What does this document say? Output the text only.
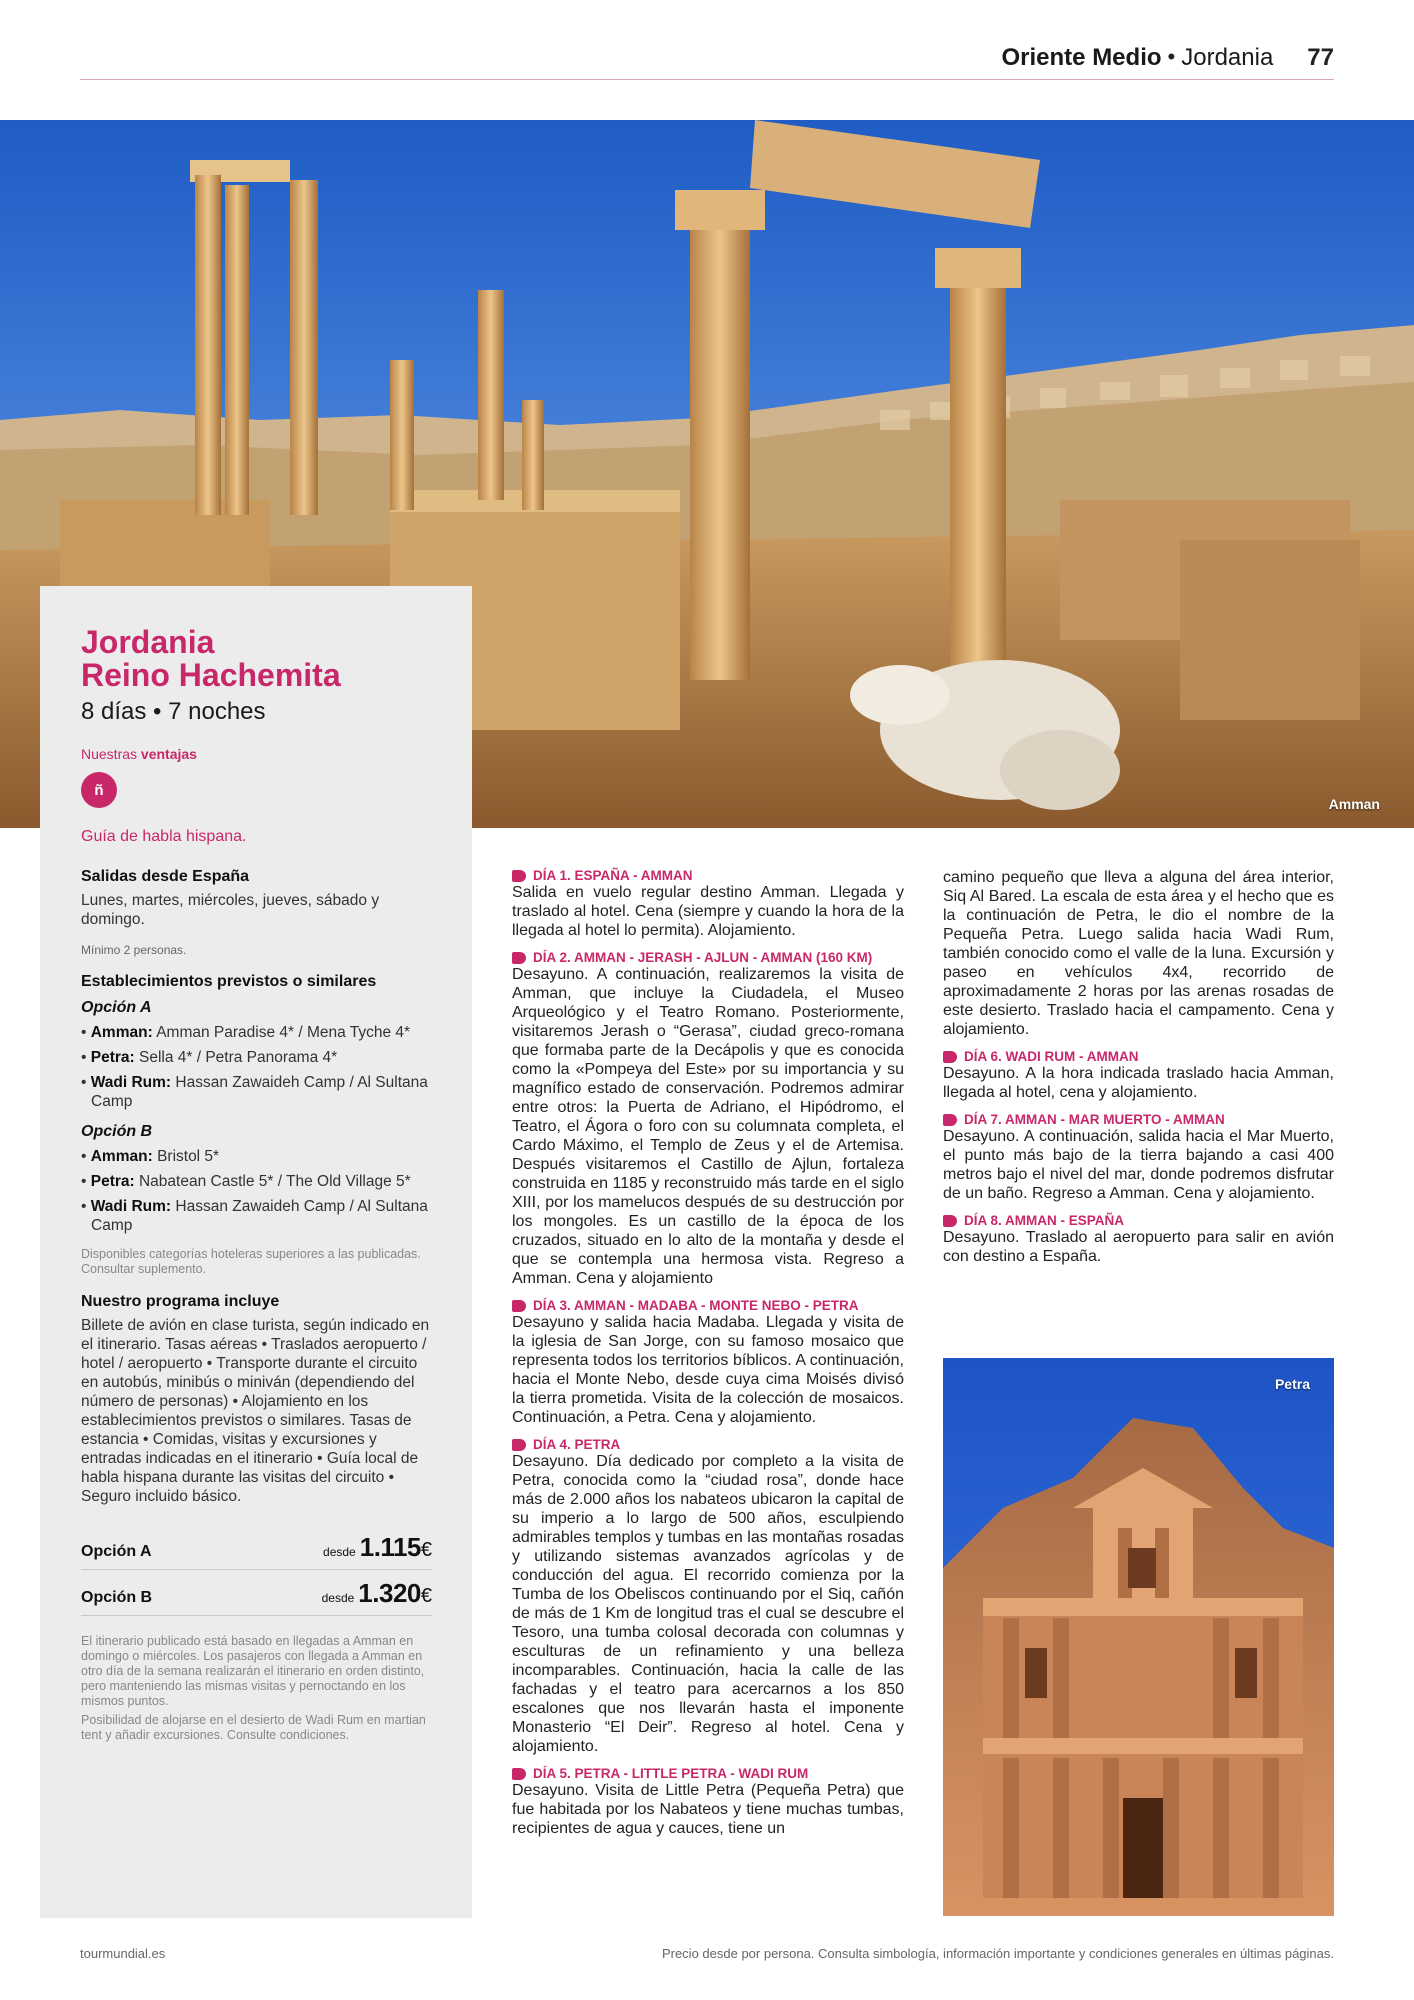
Oriente Medio • Jordania 77
Amman
Jordania
Reino Hachemita
8 días • 7 noches
Nuestras ventajas
ñ
Guía de habla hispana.
Salidas desde España
Lunes, martes, miércoles, jueves, sábado y domingo.
Mínimo 2 personas.
Establecimientos previstos o similares
Opción A
• Amman: Amman Paradise 4* / Mena Tyche 4*
• Petra: Sella 4* / Petra Panorama 4*
• Wadi Rum: Hassan Zawaideh Camp / Al Sultana Camp
Opción B
• Amman: Bristol 5*
• Petra: Nabatean Castle 5* / The Old Village 5*
• Wadi Rum: Hassan Zawaideh Camp / Al Sultana Camp
Disponibles categorías hoteleras superiores a las publicadas. Consultar suplemento.
Nuestro programa incluye
Billete de avión en clase turista, según indicado en el itinerario. Tasas aéreas • Traslados aeropuerto / hotel / aeropuerto • Transporte durante el circuito en autobús, minibús o miniván (dependiendo del número de personas) • Alojamiento en los establecimientos previstos o similares. Tasas de estancia • Comidas, visitas y excursiones y entradas indicadas en el itinerario • Guía local de habla hispana durante las visitas del circuito • Seguro incluido básico.
Opción A	desde 1.115 €
Opción B	desde 1.320 €
El itinerario publicado está basado en llegadas a Amman en domingo o miércoles. Los pasajeros con llegada a Amman en otro día de la semana realizarán el itinerario en orden distinto, pero manteniendo las mismas visitas y pernoctando en los mismos puntos.
Posibilidad de alojarse en el desierto de Wadi Rum en martian tent y añadir excursiones. Consulte condiciones.
DÍA 1. ESPAÑA - AMMAN
Salida en vuelo regular destino Amman. Llegada y traslado al hotel. Cena (siempre y cuando la hora de la llegada al hotel lo permita). Alojamiento.
DÍA 2. AMMAN - JERASH - AJLUN - AMMAN (160 KM)
Desayuno. A continuación, realizaremos la visita de Amman, que incluye la Ciudadela, el Museo Arqueológico y el Teatro Romano. Posteriormente, visitaremos Jerash o “Gerasa”, ciudad greco-romana que formaba parte de la Decápolis y que es conocida como la «Pompeya del Este» por su importancia y su magnífico estado de conservación. Podremos admirar entre otros: la Puerta de Adriano, el Hipódromo, el Teatro, el Ágora o foro con su columnata completa, el Cardo Máximo, el Templo de Zeus y el de Artemisa. Después visitaremos el Castillo de Ajlun, fortaleza construida en 1185 y reconstruido más tarde en el siglo XIII, por los mamelucos después de su destrucción por los mongoles. Es un castillo de la época de los cruzados, situado en lo alto de la montaña y desde el que se contempla una hermosa vista. Regreso a Amman. Cena y alojamiento
DÍA 3. AMMAN - MADABA - MONTE NEBO - PETRA
Desayuno y salida hacia Madaba. Llegada y visita de la iglesia de San Jorge, con su famoso mosaico que representa todos los territorios bíblicos. A continuación, hacia el Monte Nebo, desde cuya cima Moisés divisó la tierra prometida. Visita de la colección de mosaicos. Continuación, a Petra. Cena y alojamiento.
DÍA 4. PETRA
Desayuno. Día dedicado por completo a la visita de Petra, conocida como la “ciudad rosa”, donde hace más de 2.000 años los nabateos ubicaron la capital de su imperio a lo largo de 500 años, esculpiendo admirables templos y tumbas en las montañas rosadas y utilizando sistemas avanzados agrícolas y de conducción del agua. El recorrido comienza por la Tumba de los Obeliscos continuando por el Siq, cañón de más de 1 Km de longitud tras el cual se descubre el Tesoro, una tumba colosal decorada con columnas y esculturas de un refinamiento y una belleza incomparables. Continuación, hacia la calle de las fachadas y el teatro para acercarnos a los 850 escalones que nos llevarán hasta el imponente Monasterio “El Deir”. Regreso al hotel. Cena y alojamiento.
DÍA 5. PETRA - LITTLE PETRA - WADI RUM
Desayuno. Visita de Little Petra (Pequeña Petra) que fue habitada por los Nabateos y tiene muchas tumbas, recipientes de agua y cauces, tiene un
camino pequeño que lleva a alguna del área interior, Siq Al Bared. La escala de esta área y el hecho que es la continuación de Petra, le dio el nombre de la Pequeña Petra. Luego salida hacia Wadi Rum, también conocido como el valle de la luna. Excursión y paseo en vehículos 4x4, recorrido de aproximadamente 2 horas por las arenas rosadas de este desierto. Traslado hacia el campamento. Cena y alojamiento.
DÍA 6. WADI RUM - AMMAN
Desayuno. A la hora indicada traslado hacia Amman, llegada al hotel, cena y alojamiento.
DÍA 7. AMMAN - MAR MUERTO - AMMAN
Desayuno. A continuación, salida hacia el Mar Muerto, el punto más bajo de la tierra bajando a casi 400 metros bajo el nivel del mar, donde podremos disfrutar de un baño. Regreso a Amman. Cena y alojamiento.
DÍA 8. AMMAN - ESPAÑA
Desayuno. Traslado al aeropuerto para salir en avión con destino a España.
Petra
tourmundial.es	Precio desde por persona. Consulta simbología, información importante y condiciones generales en últimas páginas.
